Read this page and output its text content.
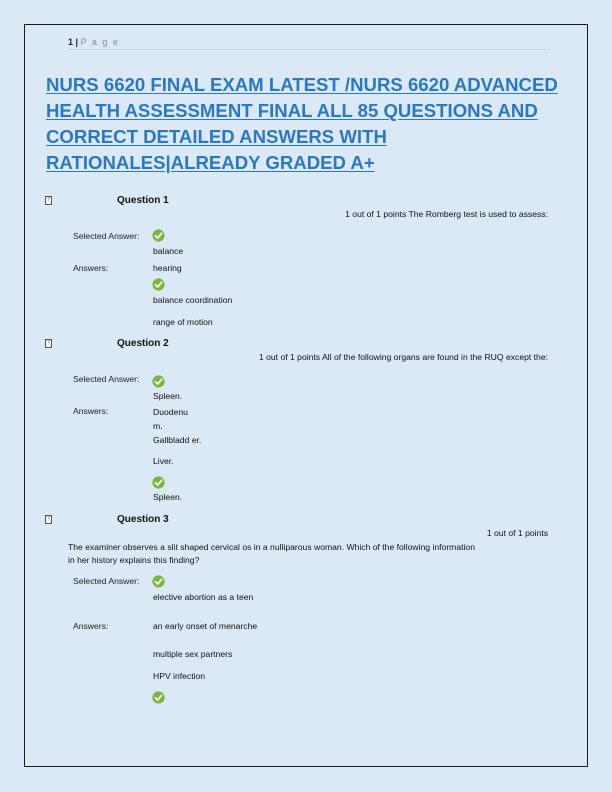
1 | P a g e
NURS 6620 FINAL EXAM LATEST /NURS 6620 ADVANCED HEALTH ASSESSMENT FINAL ALL 85 QUESTIONS AND CORRECT DETAILED ANSWERS WITH RATIONALES|ALREADY GRADED A+
?	Question 1
1 out of 1 points The Romberg test is used to assess:
Selected Answer:
balance
Answers:	hearing
balance coordination
range of motion
?	Question 2
1 out of 1 points All of the following organs are found in the RUQ except the:
Selected Answer:
Spleen.
Answers:	Duodenu
m.
Gallbladd er.
Liver.
Spleen.
?	Question 3
1 out of 1 points
The examiner observes a slit shaped cervical os in a nulliparous woman. Which of the following information
in her history explains this finding?
Selected Answer:
elective abortion as a teen
Answers:	an early onset of menarche
multiple sex partners
HPV infection
